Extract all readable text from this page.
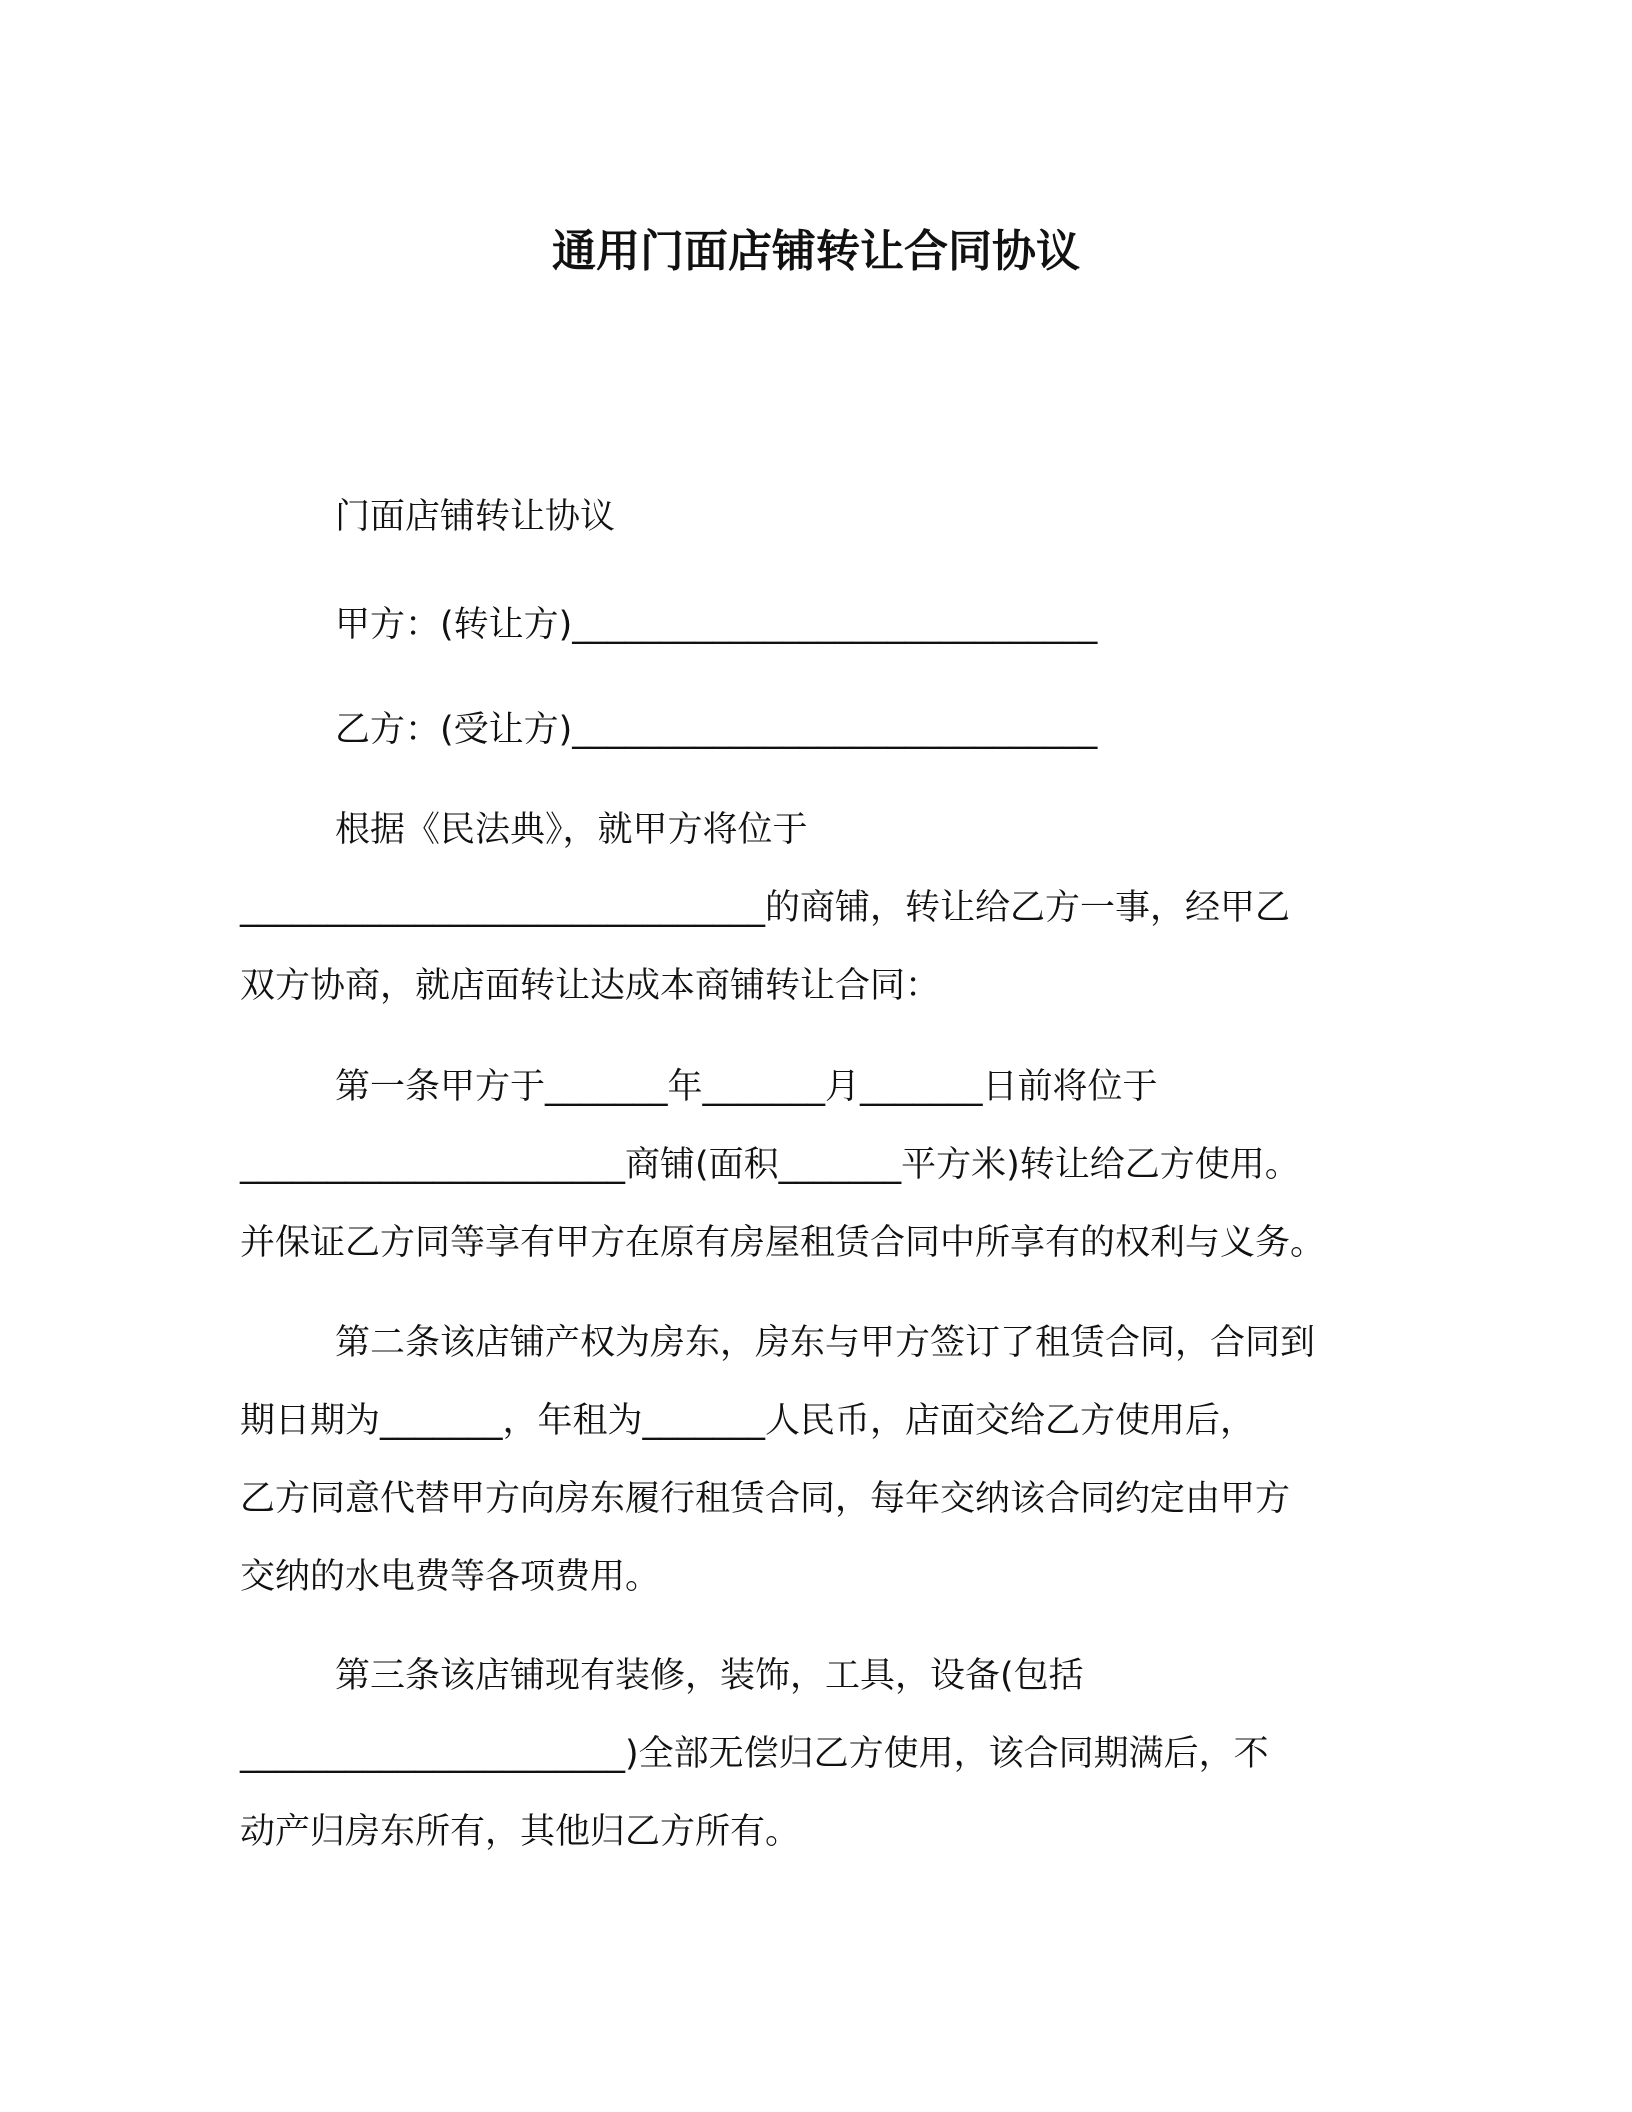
通用门面店铺转让合同协议
门面店铺转让协议
甲方：(转让方)______________________________
乙方：(受让方)______________________________
根据《民法典》，就甲方将位于
______________________________的商铺，转让给乙方一事，经甲乙
双方协商，就店面转让达成本商铺转让合同：
第一条甲方于_______年_______月_______日前将位于
______________________商铺(面积_______平方米)转让给乙方使用。
并保证乙方同等享有甲方在原有房屋租赁合同中所享有的权利与义务。
第二条该店铺产权为房东，房东与甲方签订了租赁合同，合同到
期日期为_______，年租为_______人民币，店面交给乙方使用后，
乙方同意代替甲方向房东履行租赁合同，每年交纳该合同约定由甲方
交纳的水电费等各项费用。
第三条该店铺现有装修，装饰，工具，设备(包括
______________________)全部无偿归乙方使用，该合同期满后，不
动产归房东所有，其他归乙方所有。
